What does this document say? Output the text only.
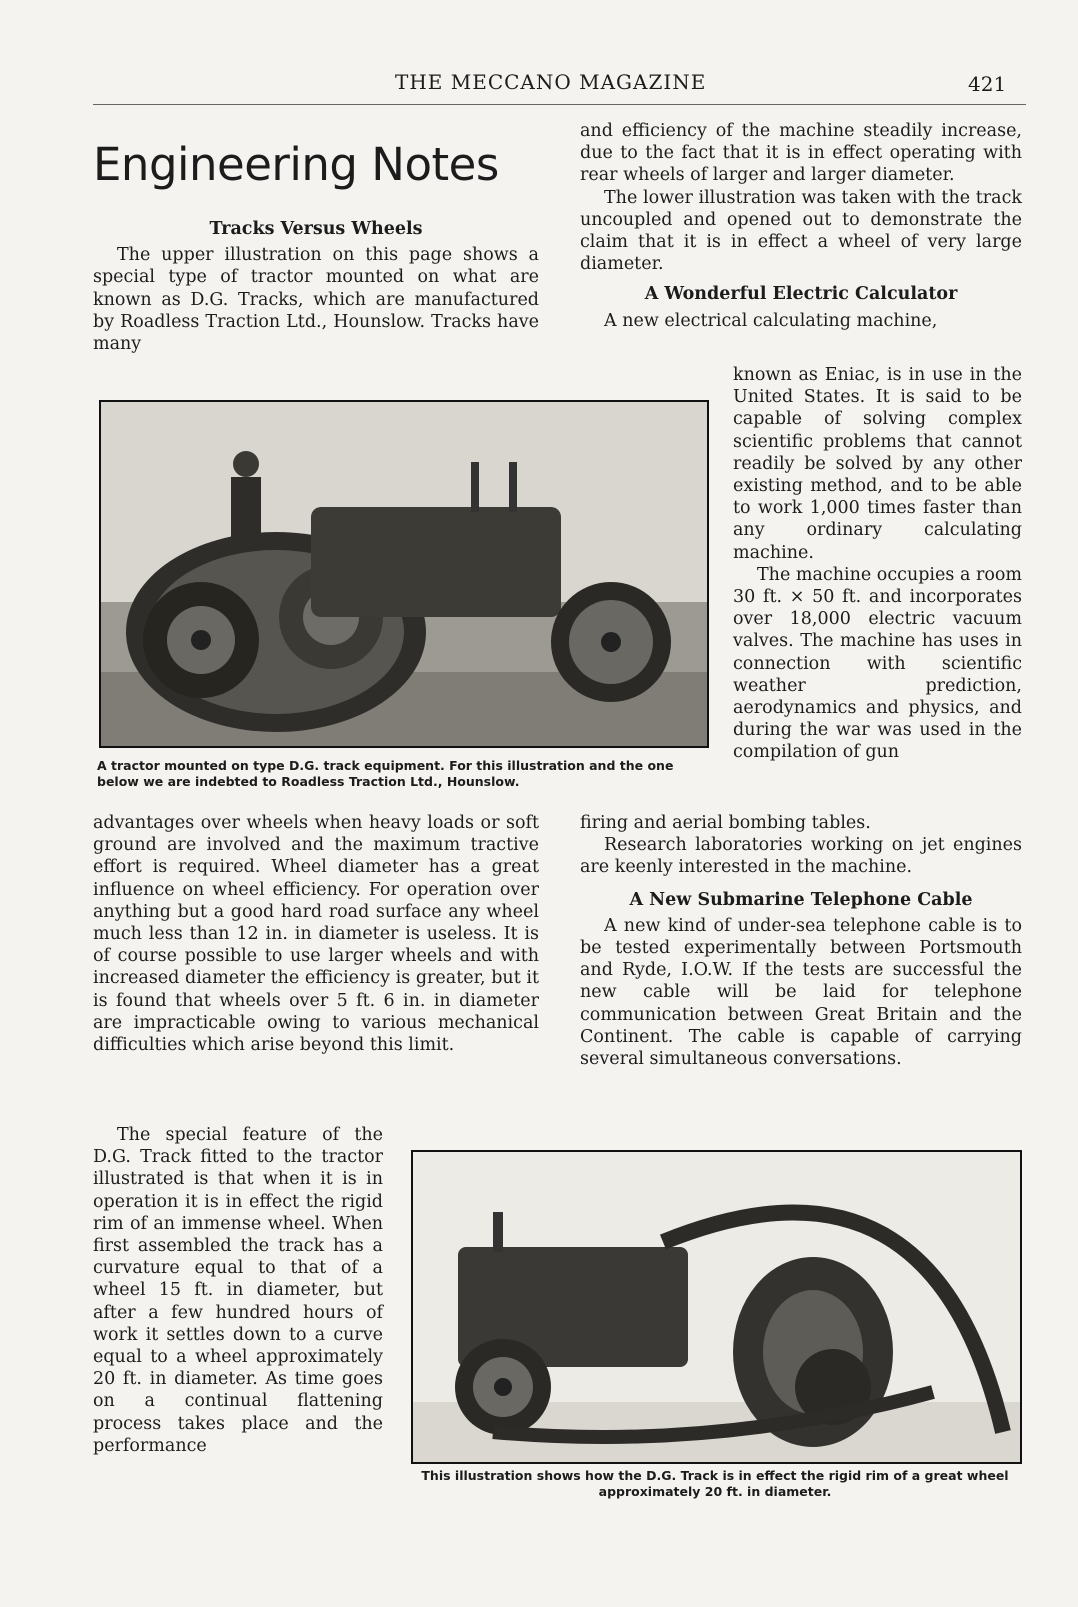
THE MECCANO MAGAZINE	421
Engineering Notes
Tracks Versus Wheels

The upper illustration on this page shows a special type of tractor mounted on what are known as D.G. Tracks, which are manufactured by Roadless Traction Ltd., Hounslow. Tracks have many

A tractor mounted on type D.G. track equipment. For this illustration and the one below we are indebted to Roadless Traction Ltd., Hounslow.

advantages over wheels when heavy loads or soft ground are involved and the maximum tractive effort is required. Wheel diameter has a great influence on wheel efficiency. For operation over anything but a good hard road surface any wheel much less than 12 in. in diameter is useless. It is of course possible to use larger wheels and with increased diameter the efficiency is greater, but it is found that wheels over 5 ft. 6 in. in diameter are impracticable owing to various mechanical difficulties which arise beyond this limit.

The special feature of the D.G. Track fitted to the tractor illustrated is that when it is in operation it is in effect the rigid rim of an immense wheel. When first assembled the track has a curvature equal to that of a wheel 15 ft. in diameter, but after a few hundred hours of work it settles down to a curve equal to a wheel approximately 20 ft. in diameter. As time goes on a continual flattening process takes place and the performance

and efficiency of the machine steadily increase, due to the fact that it is in effect operating with rear wheels of larger and larger diameter.

The lower illustration was taken with the track uncoupled and opened out to demonstrate the claim that it is in effect a wheel of very large diameter.

A Wonderful Electric Calculator

A new electrical calculating machine,

known as Eniac, is in use in the United States. It is said to be capable of solving complex scientific problems that cannot readily be solved by any other existing method, and to be able to work 1,000 times faster than any ordinary calculating machine.

The machine occupies a room 30 ft. × 50 ft. and incorporates over 18,000 electric vacuum valves. The machine has uses in connection with scientific weather prediction, aerodynamics and physics, and during the war was used in the compilation of gun

firing and aerial bombing tables.

Research laboratories working on jet engines are keenly interested in the machine.

A New Submarine Telephone Cable

A new kind of under-sea telephone cable is to be tested experimentally between Portsmouth and Ryde, I.O.W. If the tests are successful the new cable will be laid for telephone communication between Great Britain and the Continent. The cable is capable of carrying several simultaneous conversations.

This illustration shows how the D.G. Track is in effect the rigid rim of a great wheel approximately 20 ft. in diameter.
